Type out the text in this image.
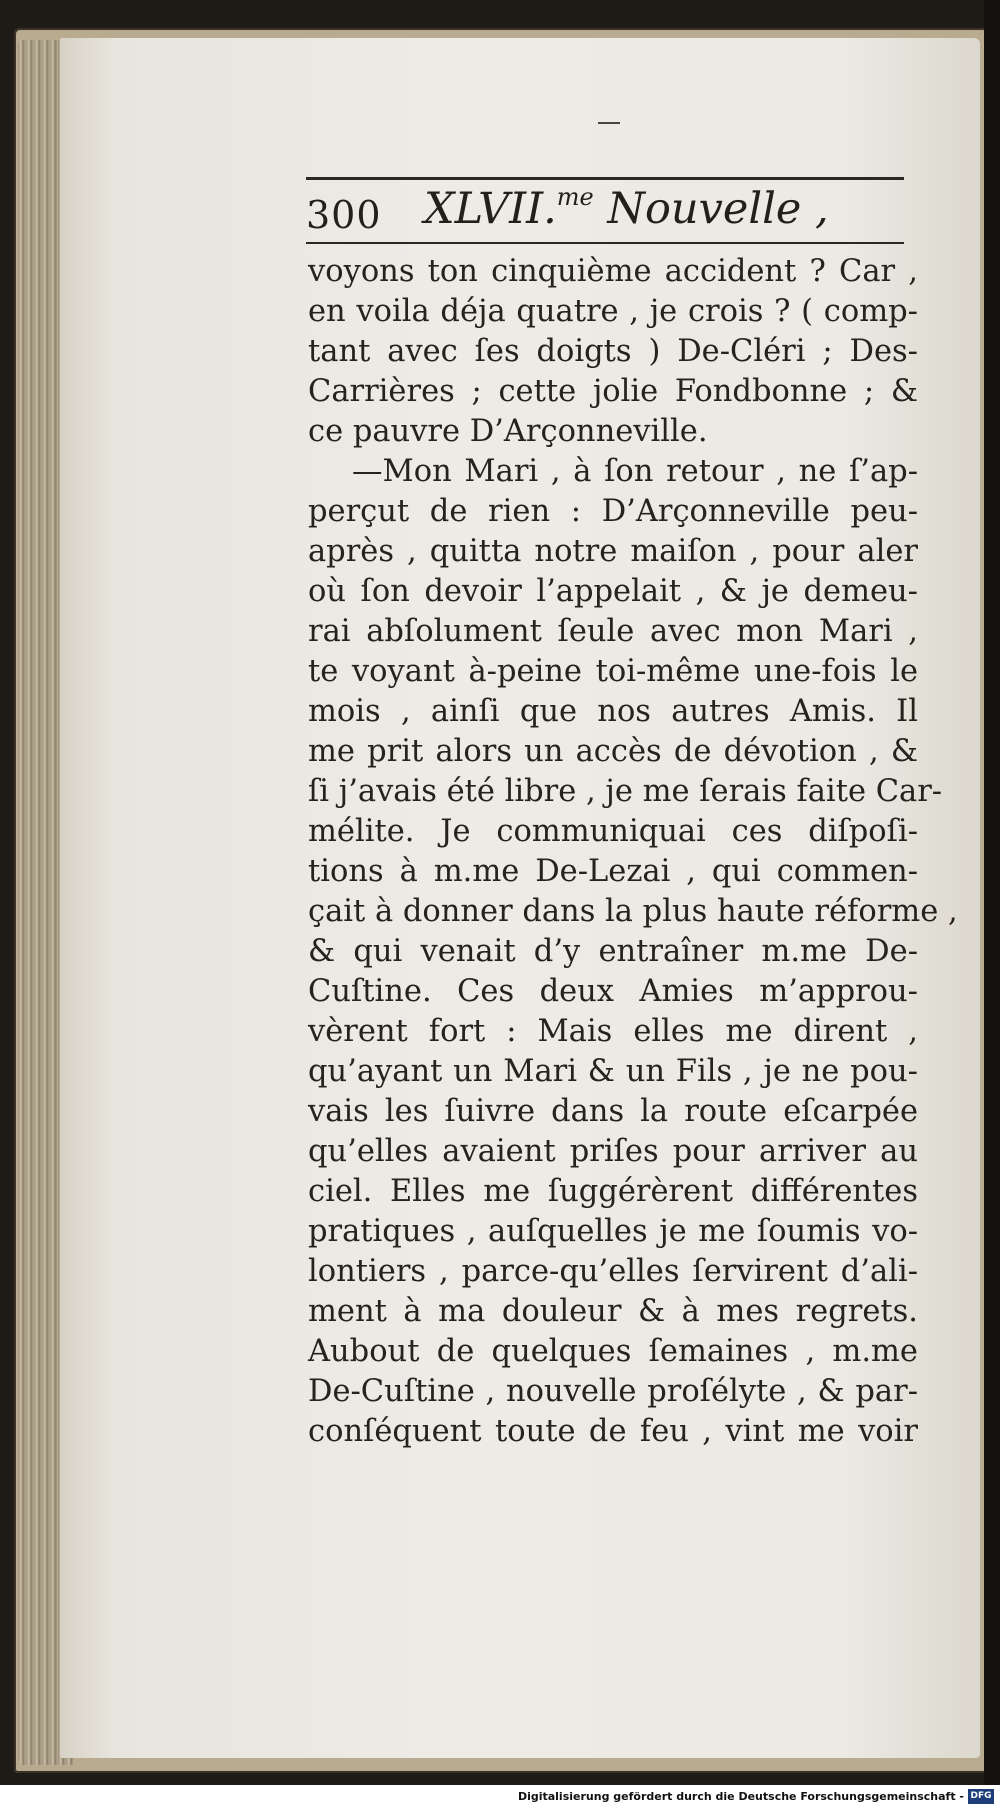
300 XLVII.$^{me}$ Nouvelle ,
voyons ton cinquième accident ? Car ,
en voila déja quatre , je crois ? ( comp-
tant avec ſes doigts ) De-Cléri ; Des-
Carrières ; cette jolie Fondbonne ; &
ce pauvre D’Arçonneville.
—Mon Mari , à ſon retour , ne ſ’ap-
perçut de rien : D’Arçonneville peu-
après , quitta notre maiſon , pour aler
où ſon devoir l’appelait , & je demeu-
rai abſolument ſeule avec mon Mari ,
te voyant à-peine toi-même une-fois le
mois , ainſi que nos autres Amis. Il
me prit alors un accès de dévotion , &
ſi j’avais été libre , je me ſerais faite Car-
mélite. Je communiquai ces diſpoſi-
tions à m.me De-Lezai , qui commen-
çait à donner dans la plus haute réforme ,
& qui venait d’y entraîner m.me De-
Cuſtine. Ces deux Amies m’approu-
vèrent fort : Mais elles me dirent ,
qu’ayant un Mari & un Fils , je ne pou-
vais les ſuivre dans la route eſcarpée
qu’elles avaient priſes pour arriver au
ciel. Elles me ſuggérèrent différentes
pratiques , auſquelles je me ſoumis vo-
lontiers , parce-qu’elles ſervirent d’ali-
ment à ma douleur & à mes regrets.
Aubout de quelques ſemaines , m.me
De-Cuſtine , nouvelle proſélyte , & par-
conſéquent toute de feu , vint me voir
Digitalisierung gefördert durch die Deutsche Forschungsgemeinschaft - DFG
